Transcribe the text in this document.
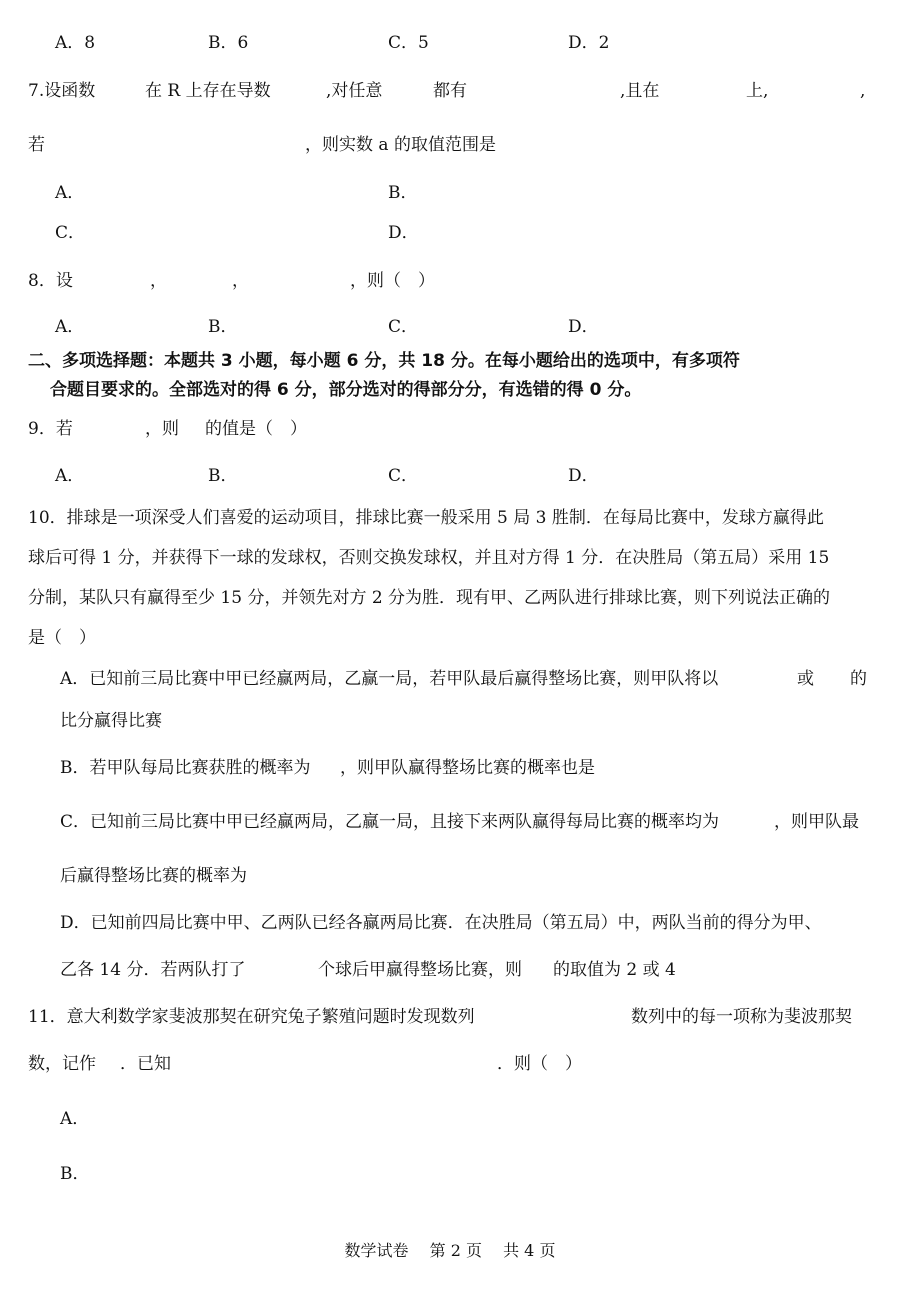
A．8	B．6	C．5	D．2
7.设函数	在 R 上存在导数	,对任意	都有	,且在	上,	,
若	，则实数 a 的取值范围是
A．	B．
C．	D．
8．设	，	，	，则（　）
A．	B．	C．	D．
二、多项选择题：本题共 3 小题，每小题 6 分，共 18 分。在每小题给出的选项中，有多项符
合题目要求的。全部选对的得 6 分，部分选对的得部分分，有选错的得 0 分。
9．若	，则 的值是（　）
A．	B．	C．	D．
10．排球是一项深受人们喜爱的运动项目，排球比赛一般采用 5 局 3 胜制．在每局比赛中，发球方赢得此
球后可得 1 分，并获得下一球的发球权，否则交换发球权，并且对方得 1 分．在决胜局（第五局）采用 15
分制，某队只有赢得至少 15 分，并领先对方 2 分为胜．现有甲、乙两队进行排球比赛，则下列说法正确的
是（　）
A．已知前三局比赛中甲已经赢两局，乙赢一局，若甲队最后赢得整场比赛，则甲队将以	或 的
比分赢得比赛
B．若甲队每局比赛获胜的概率为 ，则甲队赢得整场比赛的概率也是
C．已知前三局比赛中甲已经赢两局，乙赢一局，且接下来两队赢得每局比赛的概率均为	，则甲队最
后赢得整场比赛的概率为
D．已知前四局比赛中甲、乙两队已经各赢两局比赛．在决胜局（第五局）中，两队当前的得分为甲、
乙各 14 分．若两队打了	个球后甲赢得整场比赛，则 的取值为 2 或 4
11．意大利数学家斐波那契在研究兔子繁殖问题时发现数列	数列中的每一项称为斐波那契
数，记作 ．已知	．则（　）
A．
B．
数学试卷 第 2 页 共 4 页
